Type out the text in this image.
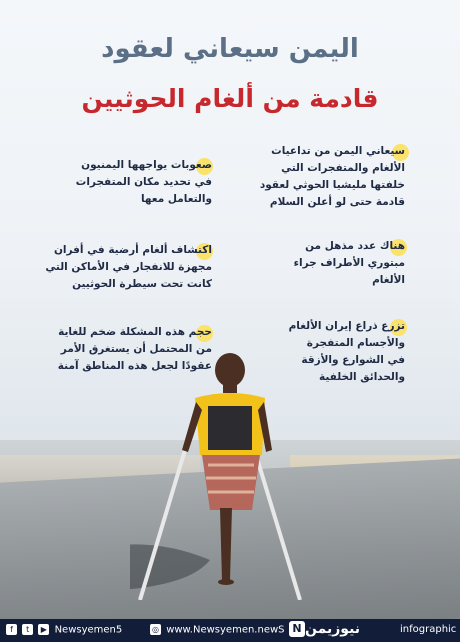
اليمن سيعاني لعقود
قادمة من ألغام الحوثيين
سيعاني اليمن من تداعيات
الألغام والمتفجرات التي
خلفتها مليشيا الحوثي لعقود
قادمة حتى لو أعلن السلام
هناك عدد مذهل من
مبتوري الأطراف جراء
الألغام
تزرع ذراع إيران الألغام
والأجسام المتفجرة
في الشوارع والأزقة
والحدائق الخلفية
صعوبات يواجهها اليمنيون
في تحديد مكان المتفجرات
والتعامل معها
اكتشاف ألغام أرضية في أفران
مجهزة للانفجار في الأماكن التي
كانت تحت سيطرة الحوثيين
حجم هذه المشكلة ضخم للغاية
من المحتمل أن يستغرق الأمر
عقودًا لجعل هذه المناطق آمنة
f t ▶ Newsyemen5	◎ www.Newsyemen.newS	نيوزيمنN	infographic
